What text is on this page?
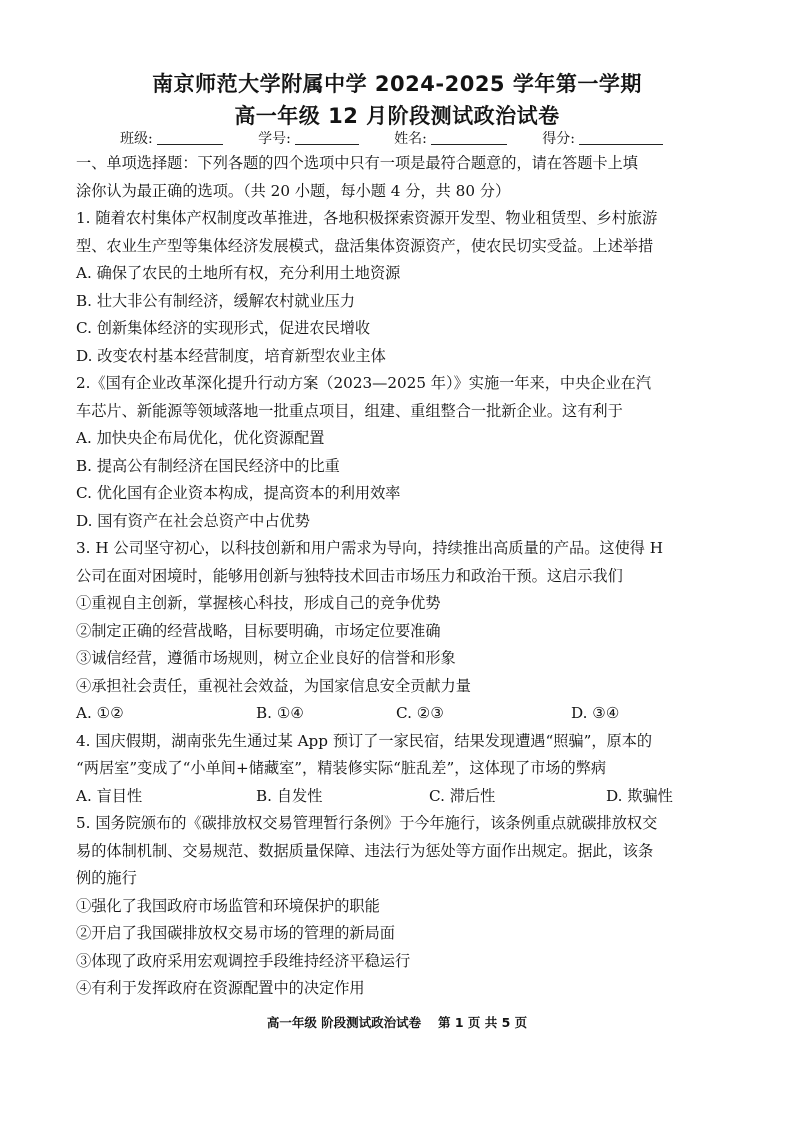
南京师范大学附属中学 2024-2025 学年第一学期
高一年级 12 月阶段测试政治试卷
班级:	学号:	姓名:	得分:

一、单项选择题：下列各题的四个选项中只有一项是最符合题意的，请在答题卡上填

涂你认为最正确的选项。（共 20 小题，每小题 4 分，共 80 分）

1. 随着农村集体产权制度改革推进，各地积极探索资源开发型、物业租赁型、乡村旅游

型、农业生产型等集体经济发展模式，盘活集体资源资产，使农民切实受益。上述举措

A. 确保了农民的土地所有权，充分利用土地资源

B. 壮大非公有制经济，缓解农村就业压力

C. 创新集体经济的实现形式，促进农民增收

D. 改变农村基本经营制度，培育新型农业主体

2.《国有企业改革深化提升行动方案（2023—2025 年）》实施一年来，中央企业在汽

车芯片、新能源等领域落地一批重点项目，组建、重组整合一批新企业。这有利于

A. 加快央企布局优化，优化资源配置

B. 提高公有制经济在国民经济中的比重

C. 优化国有企业资本构成，提高资本的利用效率

D. 国有资产在社会总资产中占优势

3. H 公司坚守初心，以科技创新和用户需求为导向，持续推出高质量的产品。这使得 H

公司在面对困境时，能够用创新与独特技术回击市场压力和政治干预。这启示我们

①重视自主创新，掌握核心科技，形成自己的竞争优势

②制定正确的经营战略，目标要明确，市场定位要准确

③诚信经营，遵循市场规则，树立企业良好的信誉和形象

④承担社会责任，重视社会效益，为国家信息安全贡献力量

A. ①②	B. ①④	C. ②③	D. ③④

4. 国庆假期，湖南张先生通过某 App 预订了一家民宿，结果发现遭遇“照骗”，原本的

“两居室”变成了“小单间+储藏室”，精装修实际“脏乱差”，这体现了市场的弊病

A. 盲目性	B. 自发性	C. 滞后性	D. 欺骗性

5. 国务院颁布的《碳排放权交易管理暂行条例》于今年施行，该条例重点就碳排放权交

易的体制机制、交易规范、数据质量保障、违法行为惩处等方面作出规定。据此，该条

例的施行

①强化了我国政府市场监管和环境保护的职能

②开启了我国碳排放权交易市场的管理的新局面

③体现了政府采用宏观调控手段维持经济平稳运行

④有利于发挥政府在资源配置中的决定作用

高一年级 阶段测试政治试卷　 第 1 页 共 5 页
